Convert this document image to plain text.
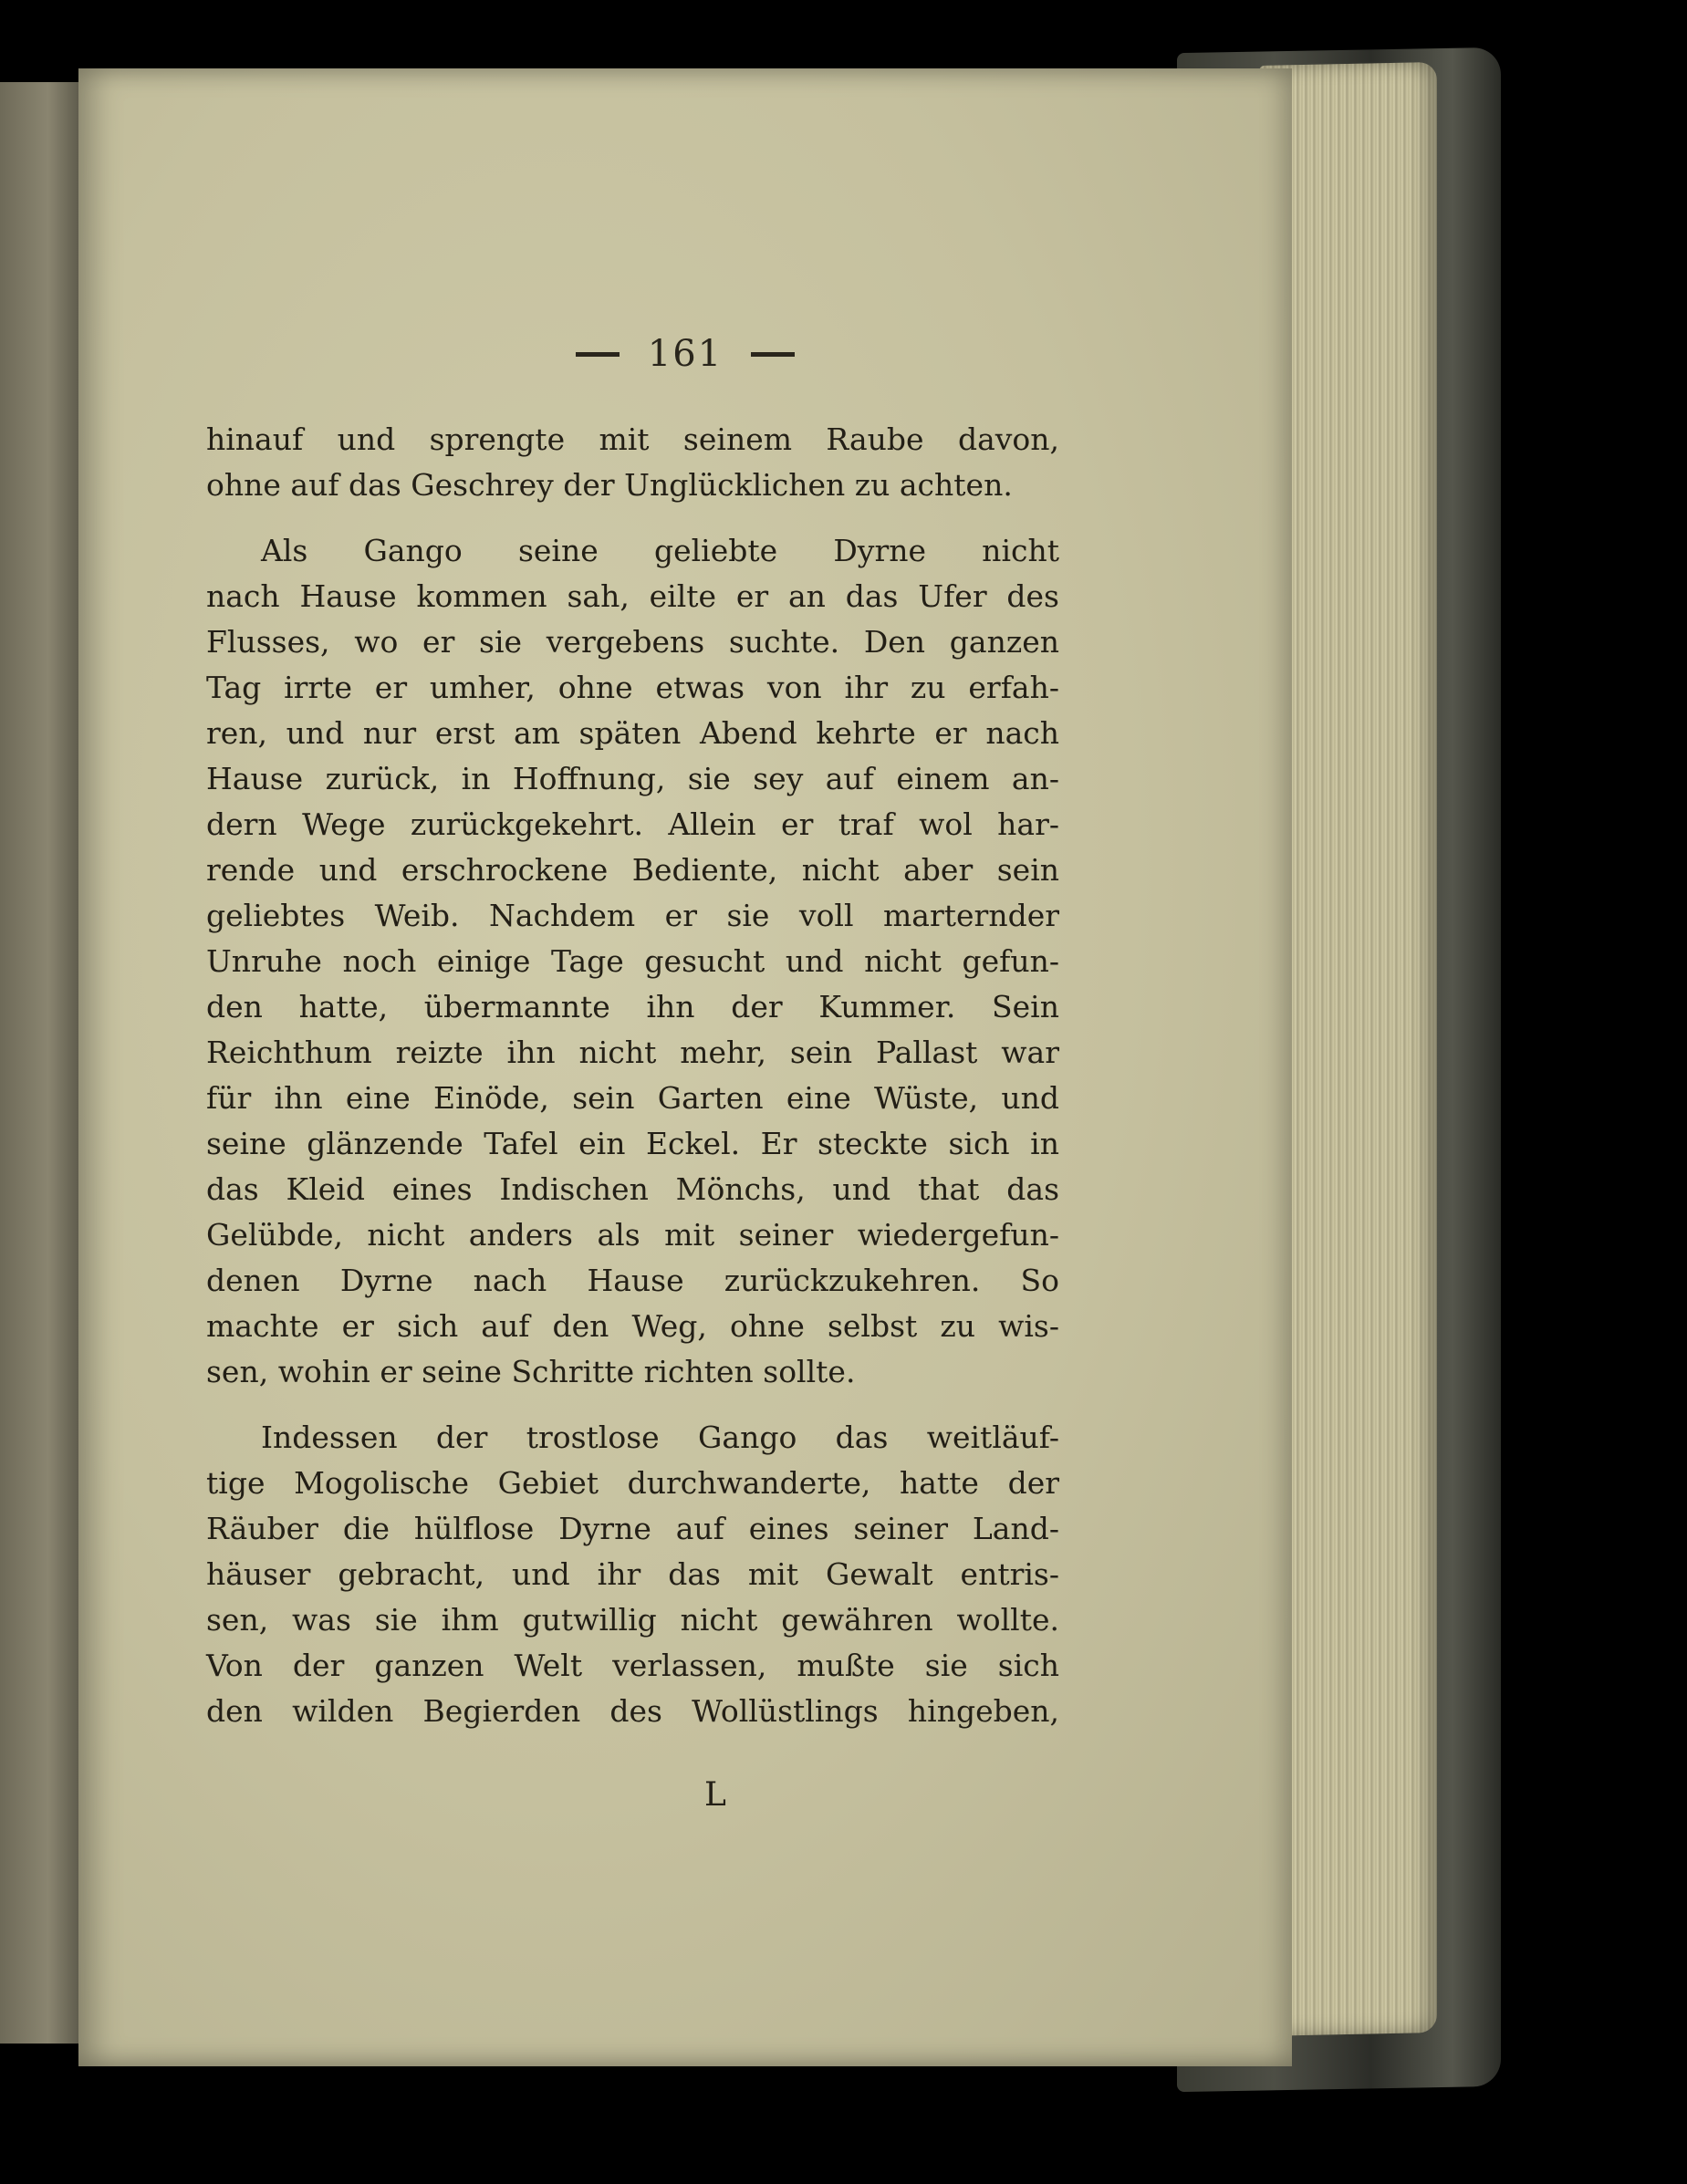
161
hinauf und sprengte mit seinem Raube davon,
ohne auf das Geschrey der Unglücklichen zu achten.
Als Gango seine geliebte Dyrne nicht
nach Hause kommen sah, eilte er an das Ufer des
Flusses, wo er sie vergebens suchte. Den ganzen
Tag irrte er umher, ohne etwas von ihr zu erfah-
ren, und nur erst am späten Abend kehrte er nach
Hause zurück, in Hoffnung, sie sey auf einem an-
dern Wege zurückgekehrt. Allein er traf wol har-
rende und erschrockene Bediente, nicht aber sein
geliebtes Weib. Nachdem er sie voll marternder
Unruhe noch einige Tage gesucht und nicht gefun-
den hatte, übermannte ihn der Kummer. Sein
Reichthum reizte ihn nicht mehr, sein Pallast war
für ihn eine Einöde, sein Garten eine Wüste, und
seine glänzende Tafel ein Eckel. Er steckte sich in
das Kleid eines Indischen Mönchs, und that das
Gelübde, nicht anders als mit seiner wiedergefun-
denen Dyrne nach Hause zurückzukehren. So
machte er sich auf den Weg, ohne selbst zu wis-
sen, wohin er seine Schritte richten sollte.
Indessen der trostlose Gango das weitläuf-
tige Mogolische Gebiet durchwanderte, hatte der
Räuber die hülflose Dyrne auf eines seiner Land-
häuser gebracht, und ihr das mit Gewalt entris-
sen, was sie ihm gutwillig nicht gewähren wollte.
Von der ganzen Welt verlassen, mußte sie sich
den wilden Begierden des Wollüstlings hingeben,
L
